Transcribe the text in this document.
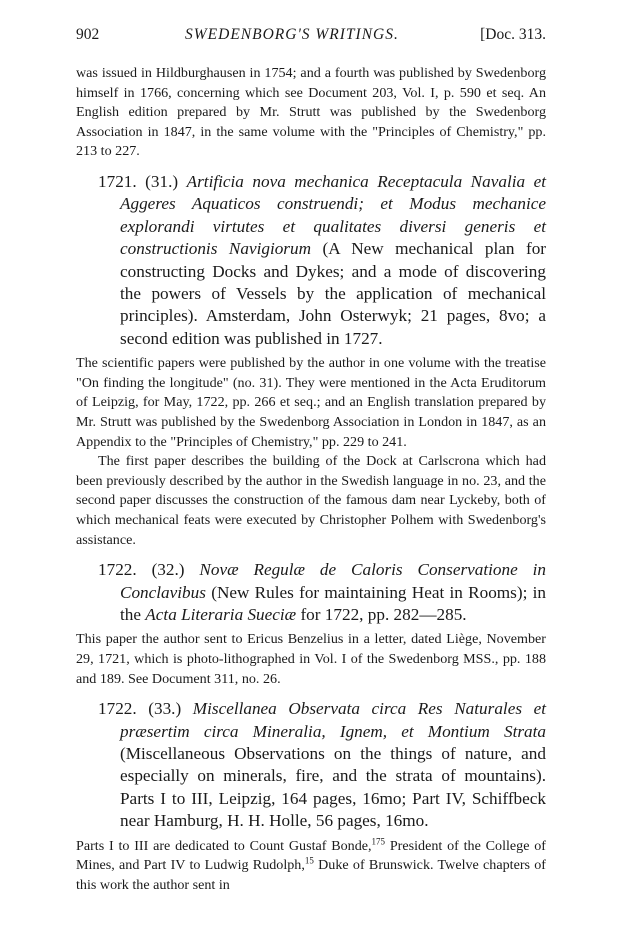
902	SWEDENBORG'S WRITINGS.	[Doc. 313.

was issued in Hildburghausen in 1754; and a fourth was published by Swedenborg himself in 1766, concerning which see Document 203, Vol. I, p. 590 et seq. An English edition prepared by Mr. Strutt was published by the Swedenborg Association in 1847, in the same volume with the "Principles of Chemistry," pp. 213 to 227.

1721. (31.) Artificia nova mechanica Receptacula Navalia et Aggeres Aquaticos construendi; et Modus mechanice explorandi virtutes et qualitates diversi generis et constructionis Navigiorum (A New mechanical plan for constructing Docks and Dykes; and a mode of discovering the powers of Vessels by the application of mechanical principles). Amsterdam, John Osterwyk; 21 pages, 8vo; a second edition was published in 1727.

The scientific papers were published by the author in one volume with the treatise "On finding the longitude" (no. 31). They were mentioned in the Acta Eruditorum of Leipzig, for May, 1722, pp. 266 et seq.; and an English translation prepared by Mr. Strutt was published by the Swedenborg Association in London in 1847, as an Appendix to the "Principles of Chemistry," pp. 229 to 241.

The first paper describes the building of the Dock at Carlscrona which had been previously described by the author in the Swedish language in no. 23, and the second paper discusses the construction of the famous dam near Lyckeby, both of which mechanical feats were executed by Christopher Polhem with Swedenborg's assistance.

1722. (32.) Novæ Regulæ de Caloris Conservatione in Conclavibus (New Rules for maintaining Heat in Rooms); in the Acta Literaria Sueciæ for 1722, pp. 282—285.

This paper the author sent to Ericus Benzelius in a letter, dated Liège, November 29, 1721, which is photo-lithographed in Vol. I of the Swedenborg MSS., pp. 188 and 189. See Document 311, no. 26.

1722. (33.) Miscellanea Observata circa Res Naturales et præsertim circa Mineralia, Ignem, et Montium Strata (Miscellaneous Observations on the things of nature, and especially on minerals, fire, and the strata of mountains). Parts I to III, Leipzig, 164 pages, 16mo; Part IV, Schiffbeck near Hamburg, H. H. Holle, 56 pages, 16mo.

Parts I to III are dedicated to Count Gustaf Bonde,$^{175}$ President of the College of Mines, and Part IV to Ludwig Rudolph,$^{15}$ Duke of Brunswick. Twelve chapters of this work the author sent in
